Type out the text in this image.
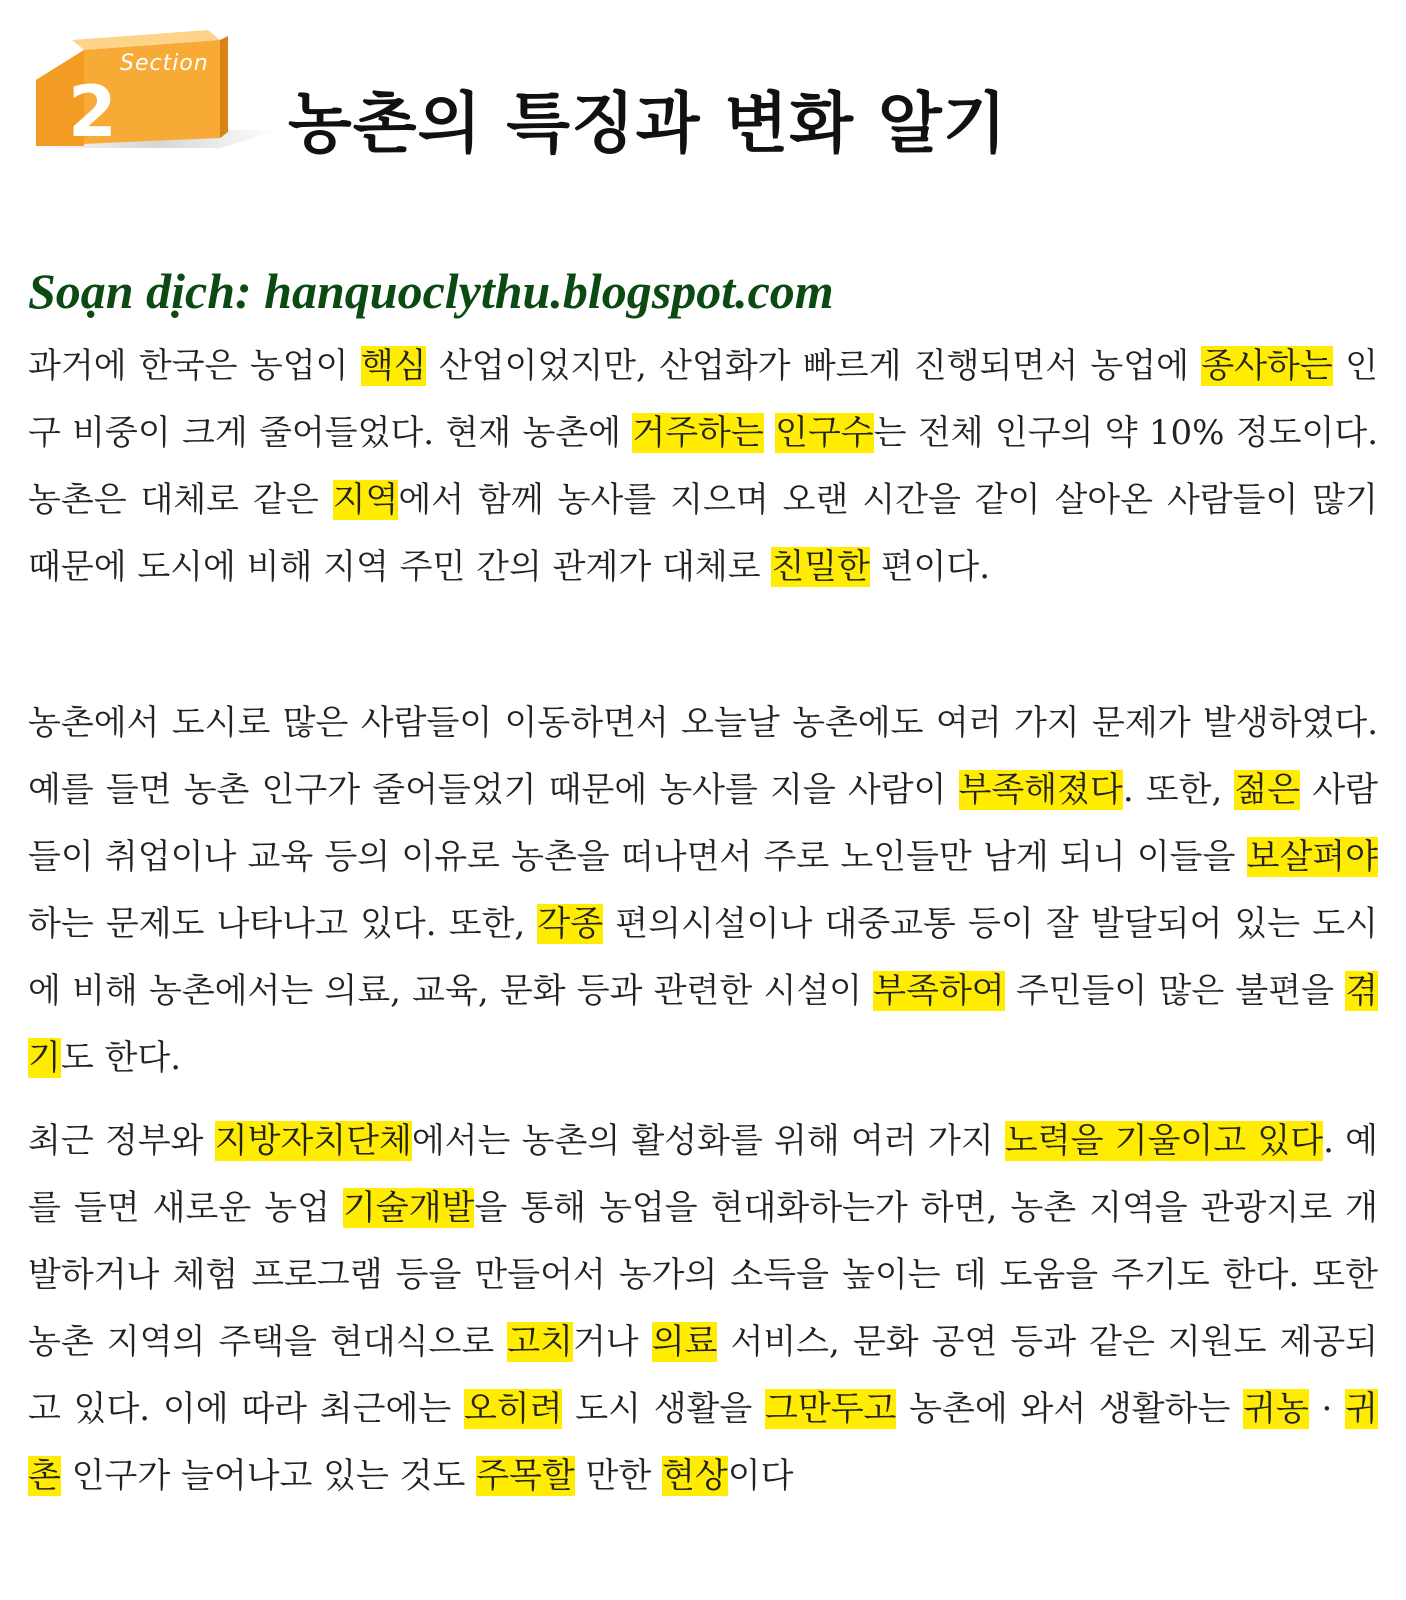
Section
2	농촌의 특징과 변화 알기

Soạn dịch: hanquoclythu.blogspot.com

과거에 한국은 농업이 핵심 산업이었지만, 산업화가 빠르게 진행되면서 농업에 종사하는 인구 비중이 크게 줄어들었다. 현재 농촌에 거주하는 인구수는 전체 인구의 약 10% 정도이다. 농촌은 대체로 같은 지역에서 함께 농사를 지으며 오랜 시간을 같이 살아온 사람들이 많기 때문에 도시에 비해 지역 주민 간의 관계가 대체로 친밀한 편이다.

농촌에서 도시로 많은 사람들이 이동하면서 오늘날 농촌에도 여러 가지 문제가 발생하였다. 예를 들면 농촌 인구가 줄어들었기 때문에 농사를 지을 사람이 부족해졌다. 또한, 젊은 사람들이 취업이나 교육 등의 이유로 농촌을 떠나면서 주로 노인들만 남게 되니 이들을 보살펴야 하는 문제도 나타나고 있다. 또한, 각종 편의시설이나 대중교통 등이 잘 발달되어 있는 도시에 비해 농촌에서는 의료, 교육, 문화 등과 관련한 시설이 부족하여 주민들이 많은 불편을 겪기도 한다.

최근 정부와 지방자치단체에서는 농촌의 활성화를 위해 여러 가지 노력을 기울이고 있다. 예를 들면 새로운 농업 기술개발을 통해 농업을 현대화하는가 하면, 농촌 지역을 관광지로 개발하거나 체험 프로그램 등을 만들어서 농가의 소득을 높이는 데 도움을 주기도 한다. 또한 농촌 지역의 주택을 현대식으로 고치거나 의료 서비스, 문화 공연 등과 같은 지원도 제공되고 있다. 이에 따라 최근에는 오히려 도시 생활을 그만두고 농촌에 와서 생활하는 귀농 · 귀촌 인구가 늘어나고 있는 것도 주목할 만한 현상이다
